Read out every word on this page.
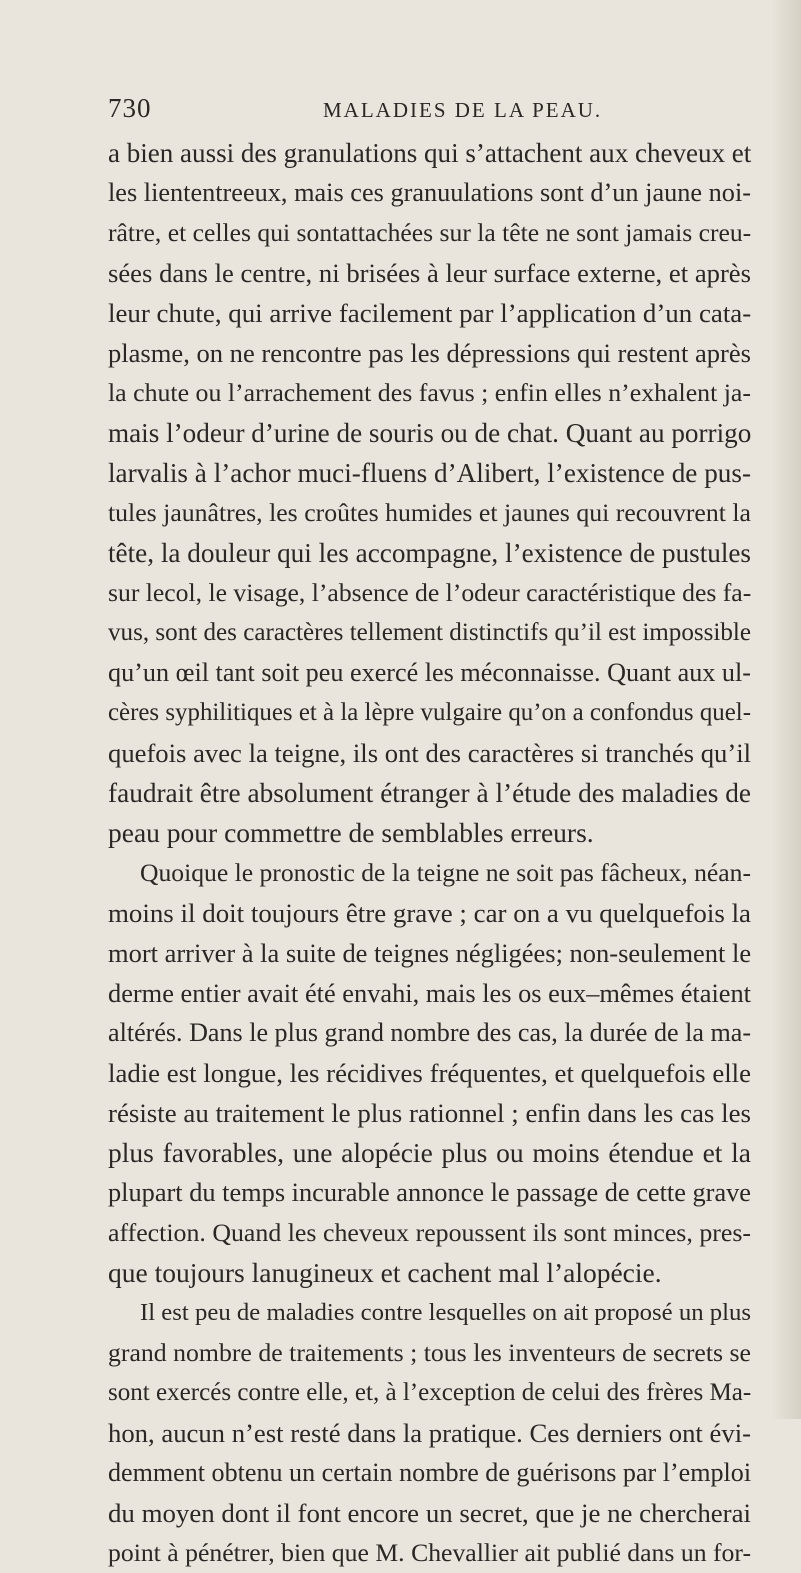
730	MALADIES DE LA PEAU.
a bien aussi des granulations qui s’attachent aux cheveux et
les liententreeux, mais ces granuulations sont d’un jaune noi-
râtre, et celles qui sontattachées sur la tête ne sont jamais creu-
sées dans le centre, ni brisées à leur surface externe, et après
leur chute, qui arrive facilement par l’application d’un cata-
plasme, on ne rencontre pas les dépressions qui restent après
la chute ou l’arrachement des favus ; enfin elles n’exhalent ja-
mais l’odeur d’urine de souris ou de chat. Quant au porrigo
larvalis à l’achor muci-fluens d’Alibert, l’existence de pus-
tules jaunâtres, les croûtes humides et jaunes qui recouvrent la
tête, la douleur qui les accompagne, l’existence de pustules
sur lecol, le visage, l’absence de l’odeur caractéristique des fa-
vus, sont des caractères tellement distinctifs qu’il est impossible
qu’un œil tant soit peu exercé les méconnaisse. Quant aux ul-
cères syphilitiques et à la lèpre vulgaire qu’on a confondus quel-
quefois avec la teigne, ils ont des caractères si tranchés qu’il
faudrait être absolument étranger à l’étude des maladies de
peau pour commettre de semblables erreurs.
Quoique le pronostic de la teigne ne soit pas fâcheux, néan-
moins il doit toujours être grave ; car on a vu quelquefois la
mort arriver à la suite de teignes négligées; non-seulement le
derme entier avait été envahi, mais les os eux–mêmes étaient
altérés. Dans le plus grand nombre des cas, la durée de la ma-
ladie est longue, les récidives fréquentes, et quelquefois elle
résiste au traitement le plus rationnel ; enfin dans les cas les
plus favorables, une alopécie plus ou moins étendue et la
plupart du temps incurable annonce le passage de cette grave
affection. Quand les cheveux repoussent ils sont minces, pres-
que toujours lanugineux et cachent mal l’alopécie.
Il est peu de maladies contre lesquelles on ait proposé un plus
grand nombre de traitements ; tous les inventeurs de secrets se
sont exercés contre elle, et, à l’exception de celui des frères Ma-
hon, aucun n’est resté dans la pratique. Ces derniers ont évi-
demment obtenu un certain nombre de guérisons par l’emploi
du moyen dont il font encore un secret, que je ne chercherai
point à pénétrer, bien que M. Chevallier ait publié dans un for-
